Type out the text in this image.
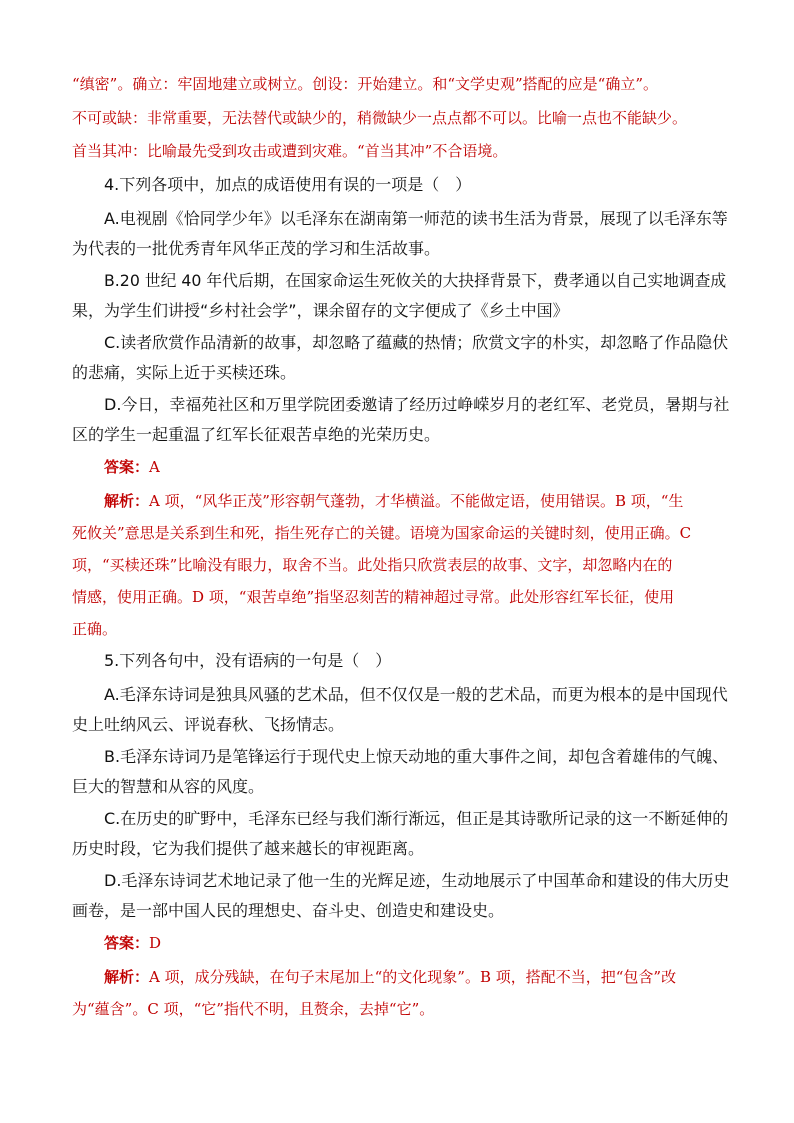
“缜密”。确立：牢固地建立或树立。创设：开始建立。和“文学史观”搭配的应是“确立”。
不可或缺：非常重要，无法替代或缺少的，稍微缺少一点点都不可以。比喻一点也不能缺少。
首当其冲：比喻最先受到攻击或遭到灾难。“首当其冲”不合语境。
4.下列各项中，加点的成语使用有误的一项是（　）
A.电视剧《恰同学少年》以毛泽东在湖南第一师范的读书生活为背景，展现了以毛泽东等
为代表的一批优秀青年风华正茂的学习和生活故事。
B.20 世纪 40 年代后期，在国家命运生死攸关的大抉择背景下，费孝通以自己实地调查成
果，为学生们讲授“乡村社会学”，课余留存的文字便成了《乡土中国》
C.读者欣赏作品清新的故事，却忽略了蕴藏的热情；欣赏文字的朴实，却忽略了作品隐伏
的悲痛，实际上近于买椟还珠。
D.今日，幸福苑社区和万里学院团委邀请了经历过峥嵘岁月的老红军、老党员，暑期与社
区的学生一起重温了红军长征艰苦卓绝的光荣历史。
答案：A
解析：A 项，“风华正茂”形容朝气蓬勃，才华横溢。不能做定语，使用错误。B 项，“生
死攸关”意思是关系到生和死，指生死存亡的关键。语境为国家命运的关键时刻，使用正确。C
项，“买椟还珠”比喻没有眼力，取舍不当。此处指只欣赏表层的故事、文字，却忽略内在的
情感，使用正确。D 项，“艰苦卓绝”指坚忍刻苦的精神超过寻常。此处形容红军长征，使用
正确。
5.下列各句中，没有语病的一句是（　）
A.毛泽东诗词是独具风骚的艺术品，但不仅仅是一般的艺术品，而更为根本的是中国现代
史上吐纳风云、评说春秋、飞扬情志。
B.毛泽东诗词乃是笔锋运行于现代史上惊天动地的重大事件之间，却包含着雄伟的气魄、
巨大的智慧和从容的风度。
C.在历史的旷野中，毛泽东已经与我们渐行渐远，但正是其诗歌所记录的这一不断延伸的
历史时段，它为我们提供了越来越长的审视距离。
D.毛泽东诗词艺术地记录了他一生的光辉足迹，生动地展示了中国革命和建设的伟大历史
画卷，是一部中国人民的理想史、奋斗史、创造史和建设史。
答案：D
解析：A 项，成分残缺，在句子末尾加上“的文化现象”。B 项，搭配不当，把“包含”改
为“蕴含”。C 项，“它”指代不明，且赘余，去掉“它”。
